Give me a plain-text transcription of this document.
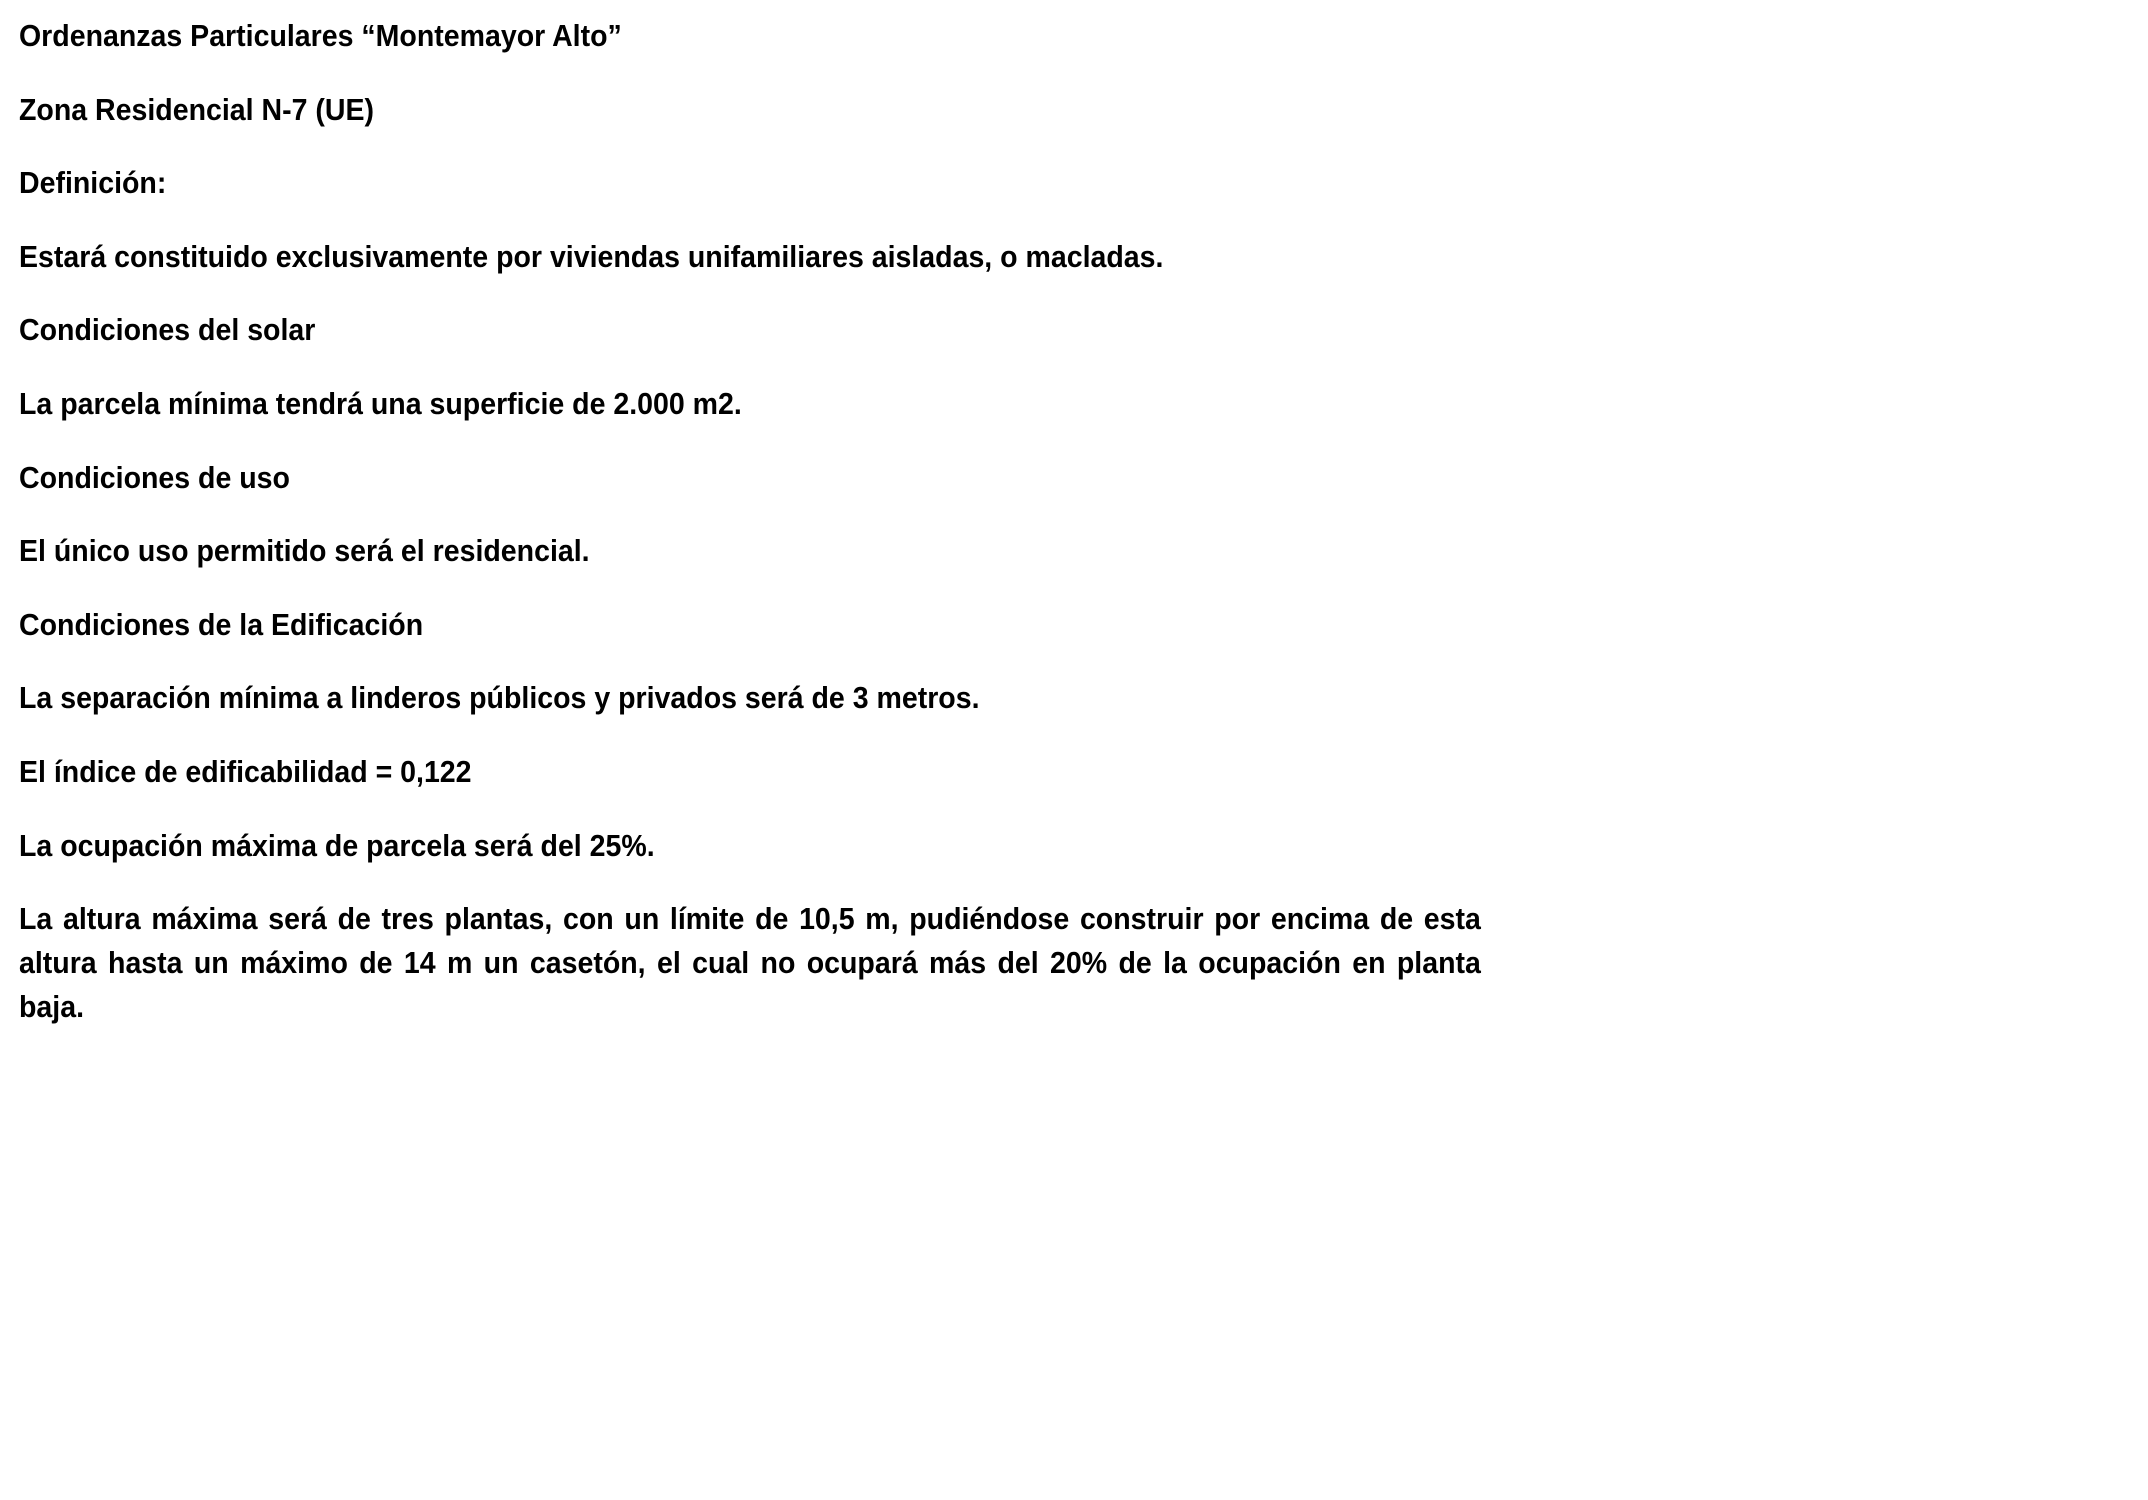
Ordenanzas Particulares “Montemayor Alto”
Zona Residencial N-7 (UE)
Definición:
Estará constituido exclusivamente por viviendas unifamiliares aisladas, o macladas.
Condiciones del solar
La parcela mínima tendrá una superficie de 2.000 m2.
Condiciones de uso
El único uso permitido será el residencial.
Condiciones de la Edificación
La separación mínima a linderos públicos y privados será de 3 metros.
El índice de edificabilidad = 0,122
La ocupación máxima de parcela será del 25%.
La altura máxima será de tres plantas, con un límite de 10,5 m, pudiéndose construir por encima de esta altura hasta un máximo de 14 m un casetón, el cual no ocupará más del 20% de la ocupación en planta baja.
